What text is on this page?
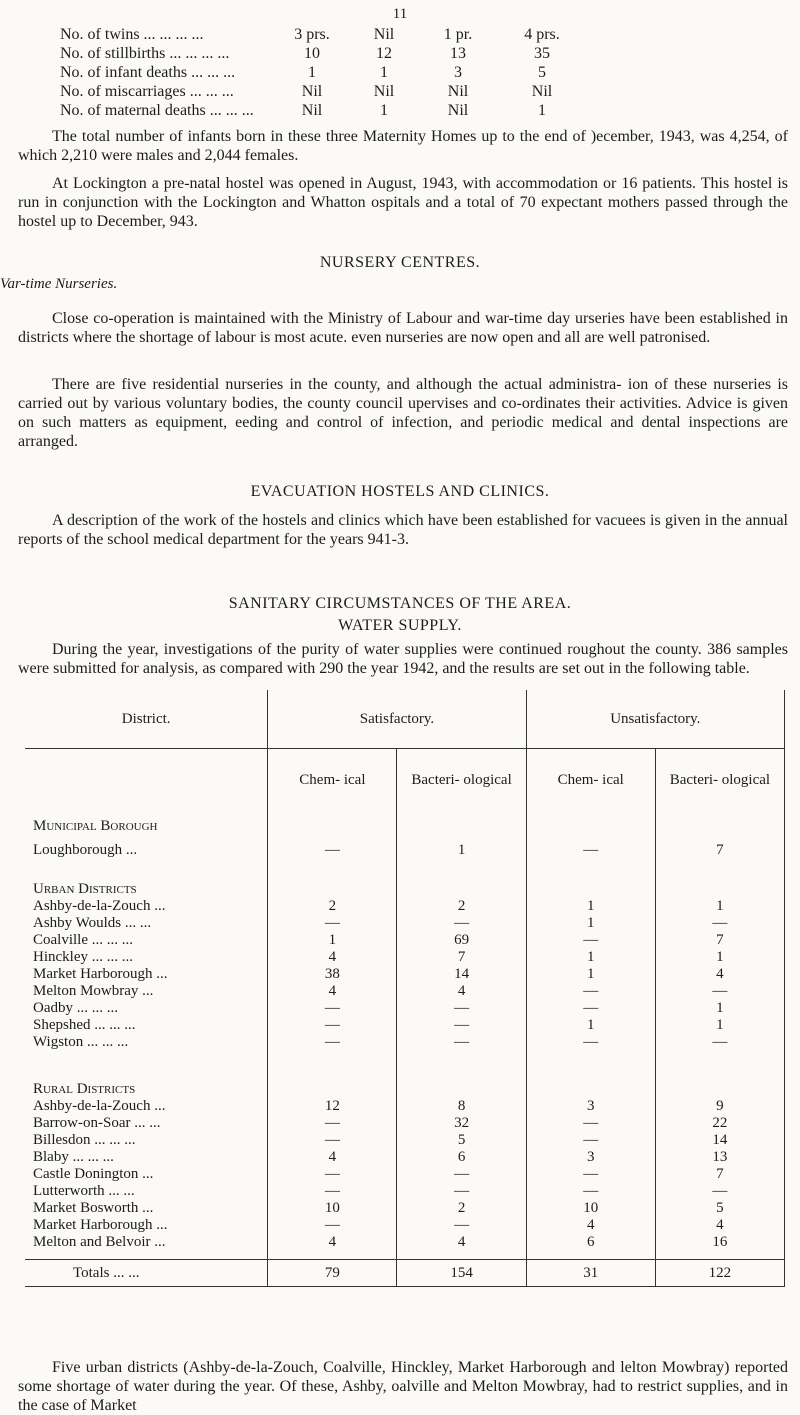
11
No. of twins ... ... ... ...	3 prs.	Nil	1 pr.	4 prs.
No. of stillbirths ... ... ... ...	10	12	13	35
No. of infant deaths ... ... ...	1	1	3	5
No. of miscarriages ... ... ...	Nil	Nil	Nil	Nil
No. of maternal deaths ... ... ...	Nil	1	Nil	1

The total number of infants born in these three Maternity Homes up to the end of )ecember, 1943, was 4,254, of which 2,210 were males and 2,044 females.

At Lockington a pre-natal hostel was opened in August, 1943, with accommodation or 16 patients. This hostel is run in conjunction with the Lockington and Whatton ospitals and a total of 70 expectant mothers passed through the hostel up to December, 943.

NURSERY CENTRES.
Var-time Nurseries.

Close co-operation is maintained with the Ministry of Labour and war-time day urseries have been established in districts where the shortage of labour is most acute. even nurseries are now open and all are well patronised.

There are five residential nurseries in the county, and although the actual administra- ion of these nurseries is carried out by various voluntary bodies, the county council upervises and co-ordinates their activities. Advice is given on such matters as equipment, eeding and control of infection, and periodic medical and dental inspections are arranged.

EVACUATION HOSTELS AND CLINICS.

A description of the work of the hostels and clinics which have been established for vacuees is given in the annual reports of the school medical department for the years 941-3.

SANITARY CIRCUMSTANCES OF THE AREA.
WATER SUPPLY.

During the year, investigations of the purity of water supplies were continued roughout the county. 386 samples were submitted for analysis, as compared with 290 the year 1942, and the results are set out in the following table.

District.	Satisfactory.		Unsatisfactory.	
	Chem- ical	Bacteri- ological	Chem- ical	Bacteri- ological
Municipal Borough				
Loughborough ...	—	1	—	7
Urban Districts				
Ashby-de-la-Zouch ...	2	2	1	1
Ashby Woulds ... ...	—	—	1	—
Coalville ... ... ...	1	69	—	7
Hinckley ... ... ...	4	7	1	1
Market Harborough ...	38	14	1	4
Melton Mowbray ...	4	4	—	—
Oadby ... ... ...	—	—	—	1
Shepshed ... ... ...	—	—	1	1
Wigston ... ... ...	—	—	—	—
Rural Districts				
Ashby-de-la-Zouch ...	12	8	3	9
Barrow-on-Soar ... ...	—	32	—	22
Billesdon ... ... ...	—	5	—	14
Blaby ... ... ...	4	6	3	13
Castle Donington ...	—	—	—	7
Lutterworth ... ...	—	—	—	—
Market Bosworth ...	10	2	10	5
Market Harborough ...	—	—	4	4
Melton and Belvoir ...	4	4	6	16

Totals ... ...	79	154	31	122

Five urban districts (Ashby-de-la-Zouch, Coalville, Hinckley, Market Harborough and lelton Mowbray) reported some shortage of water during the year. Of these, Ashby, oalville and Melton Mowbray, had to restrict supplies, and in the case of Market
